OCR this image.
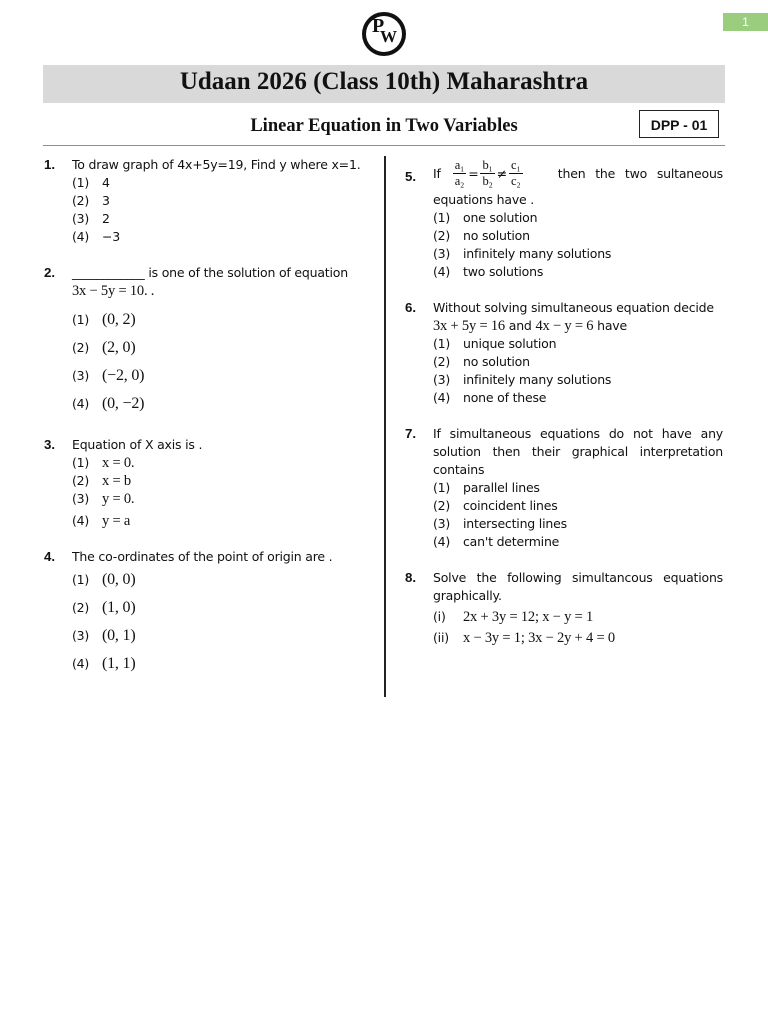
1
P
W
Udaan 2026 (Class 10th) Maharashtra
Linear Equation in Two Variables	DPP - 01
1. To draw graph of 4x+5y=19, Find y where x=1.
(1)	4
(2)	3
(3)	2
(4)	−3
2. ____________ is one of the solution of equation
3x − 5y = 10. .
(1) (0, 2)
(2) (2, 0)
(3) (−2, 0)
(4) (0, −2)
3. Equation of X axis is .
(1) x = 0.
(2) x = b
(3) y = 0.
(4) y = a
4. The co-ordinates of the point of origin are .
(1) (0, 0)
(2) (1, 0)
(3) (0, 1)
(4) (1, 1)
5. If $\frac{\text{a₁}}{\text{a₂}} = \frac{\text{b₁}}{\text{b₂}} \ne \frac{\text{c₁}}{\text{c₂}}$	then the two sultaneous
equations have .
(1)	one solution
(2)	no solution
(3)	infinitely many solutions
(4)	two solutions
6. Without solving simultaneous equation decide
3x + 5y = 16 and 4x − y = 6 have
(1)	unique solution
(2)	no solution
(3)	infinitely many solutions
(4)	none of these
7. If simultaneous equations do not have any solution then their graphical interpretation contains
(1)	parallel lines
(2)	coincident lines
(3)	intersecting lines
(4)	can't determine
8. Solve the following simultancous equations graphically.
(i)	2x + 3y = 12; x − y = 1
(ii) x − 3y = 1; 3x − 2y + 4 = 0
